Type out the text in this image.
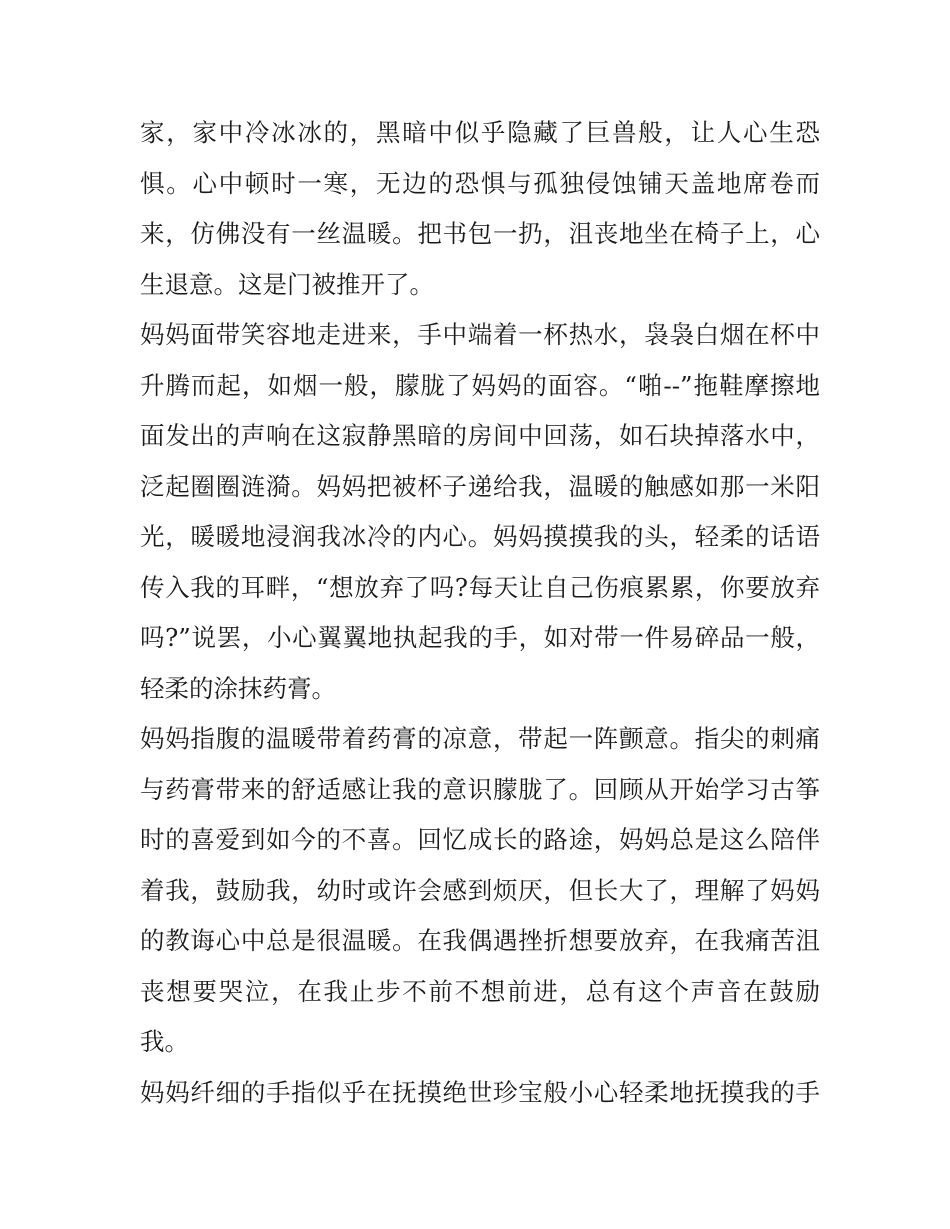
家，家中冷冰冰的，黑暗中似乎隐藏了巨兽般，让人心生恐
惧。心中顿时一寒，无边的恐惧与孤独侵蚀铺天盖地席卷而
来，仿佛没有一丝温暖。把书包一扔，沮丧地坐在椅子上，心
生退意。这是门被推开了。
妈妈面带笑容地走进来，手中端着一杯热水，袅袅白烟在杯中
升腾而起，如烟一般，朦胧了妈妈的面容。“啪--”拖鞋摩擦地
面发出的声响在这寂静黑暗的房间中回荡，如石块掉落水中，
泛起圈圈涟漪。妈妈把被杯子递给我，温暖的触感如那一米阳
光，暖暖地浸润我冰冷的内心。妈妈摸摸我的头，轻柔的话语
传入我的耳畔，“想放弃了吗?每天让自己伤痕累累，你要放弃
吗?”说罢，小心翼翼地执起我的手，如对带一件易碎品一般，
轻柔的涂抹药膏。
妈妈指腹的温暖带着药膏的凉意，带起一阵颤意。指尖的刺痛
与药膏带来的舒适感让我的意识朦胧了。回顾从开始学习古筝
时的喜爱到如今的不喜。回忆成长的路途，妈妈总是这么陪伴
着我，鼓励我，幼时或许会感到烦厌，但长大了，理解了妈妈
的教诲心中总是很温暖。在我偶遇挫折想要放弃，在我痛苦沮
丧想要哭泣，在我止步不前不想前进，总有这个声音在鼓励
我。
妈妈纤细的手指似乎在抚摸绝世珍宝般小心轻柔地抚摸我的手
